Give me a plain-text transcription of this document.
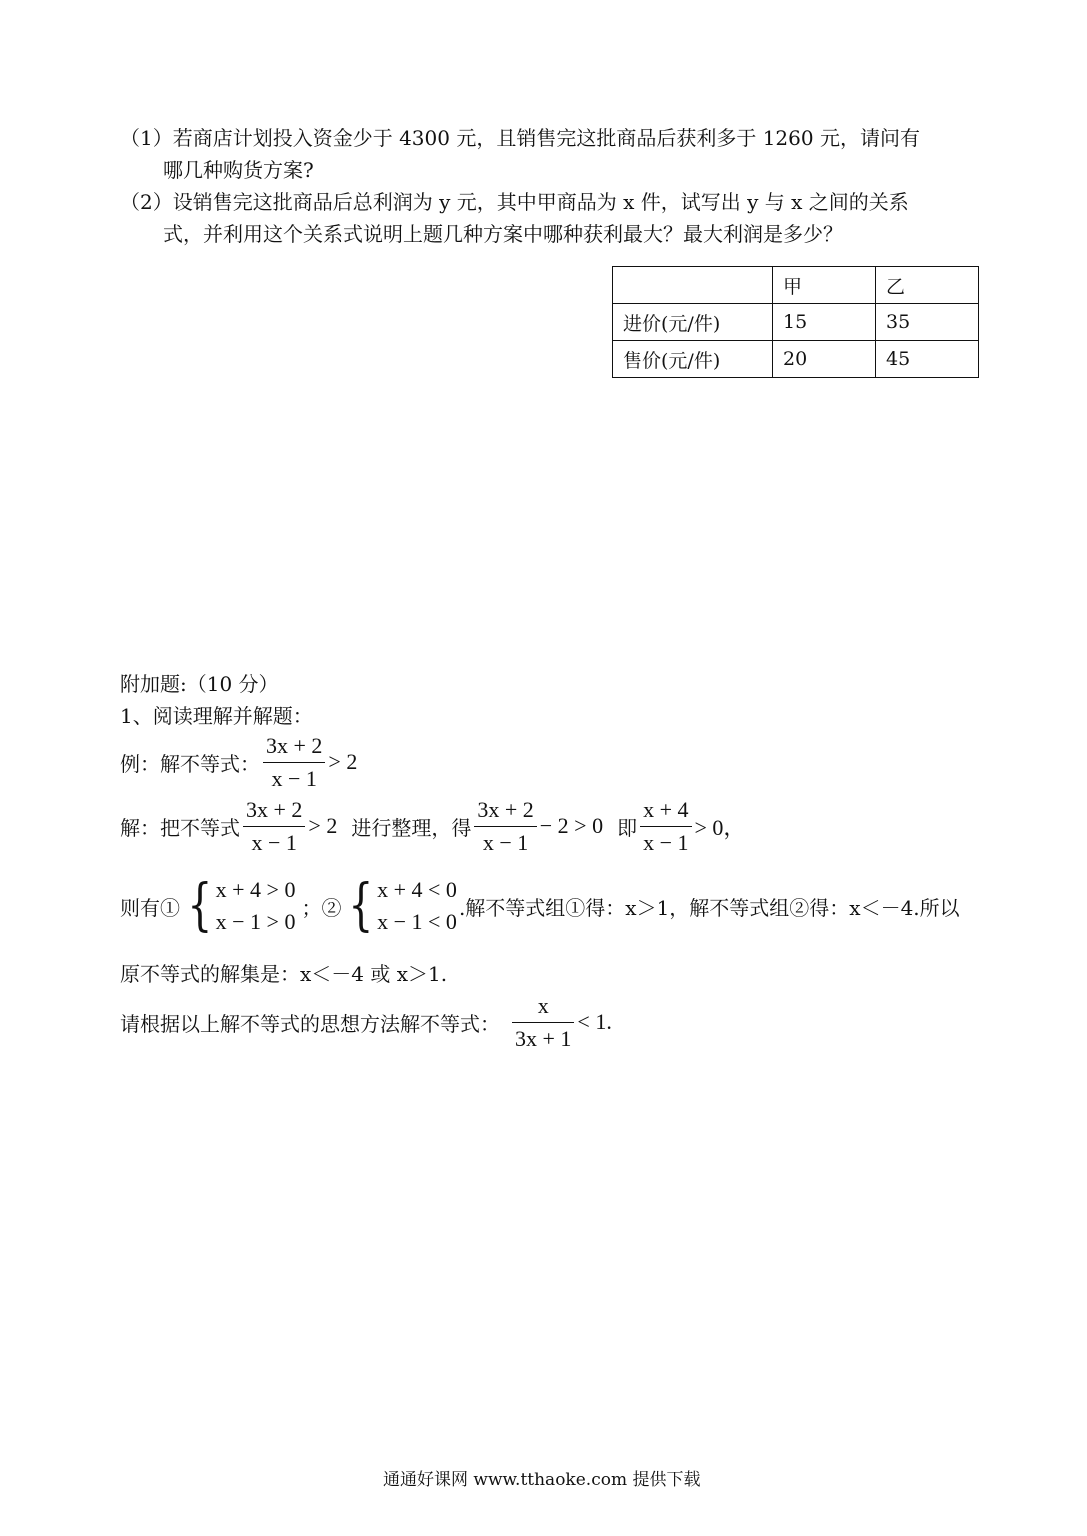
（1）若商店计划投入资金少于 4300 元，且销售完这批商品后获利多于 1260 元，请问有
哪几种购货方案?
（2）设销售完这批商品后总利润为 y 元，其中甲商品为 x 件，试写出 y 与 x 之间的关系
式，并利用这个关系式说明上题几种方案中哪种获利最大？最大利润是多少？
	甲	乙
进价(元/件)	15	35
售价(元/件)	20	45
附加题:（10 分）
1、阅读理解并解题：
例：解不等式： $\frac{3x + 2}{x - 1} > 2$
解：把不等式 $\frac{3x + 2}{x - 1} > 2$ 进行整理，得 $\frac{3x + 2}{x - 1} - 2 > 0$ 即 $\frac{x + 4}{x - 1} > 0$，
则有① { x + 4 > 0
x − 1 > 0
；② { x + 4 < 0
x − 1 < 0
.解不等式组①得：x＞1，解不等式组②得：x＜－4.所以
原不等式的解集是：x＜－4 或 x＞1.
请根据以上解不等式的思想方法解不等式： $\frac{x}{3x + 1} < 1$.
通通好课网 www.tthaoke.com 提供下载
